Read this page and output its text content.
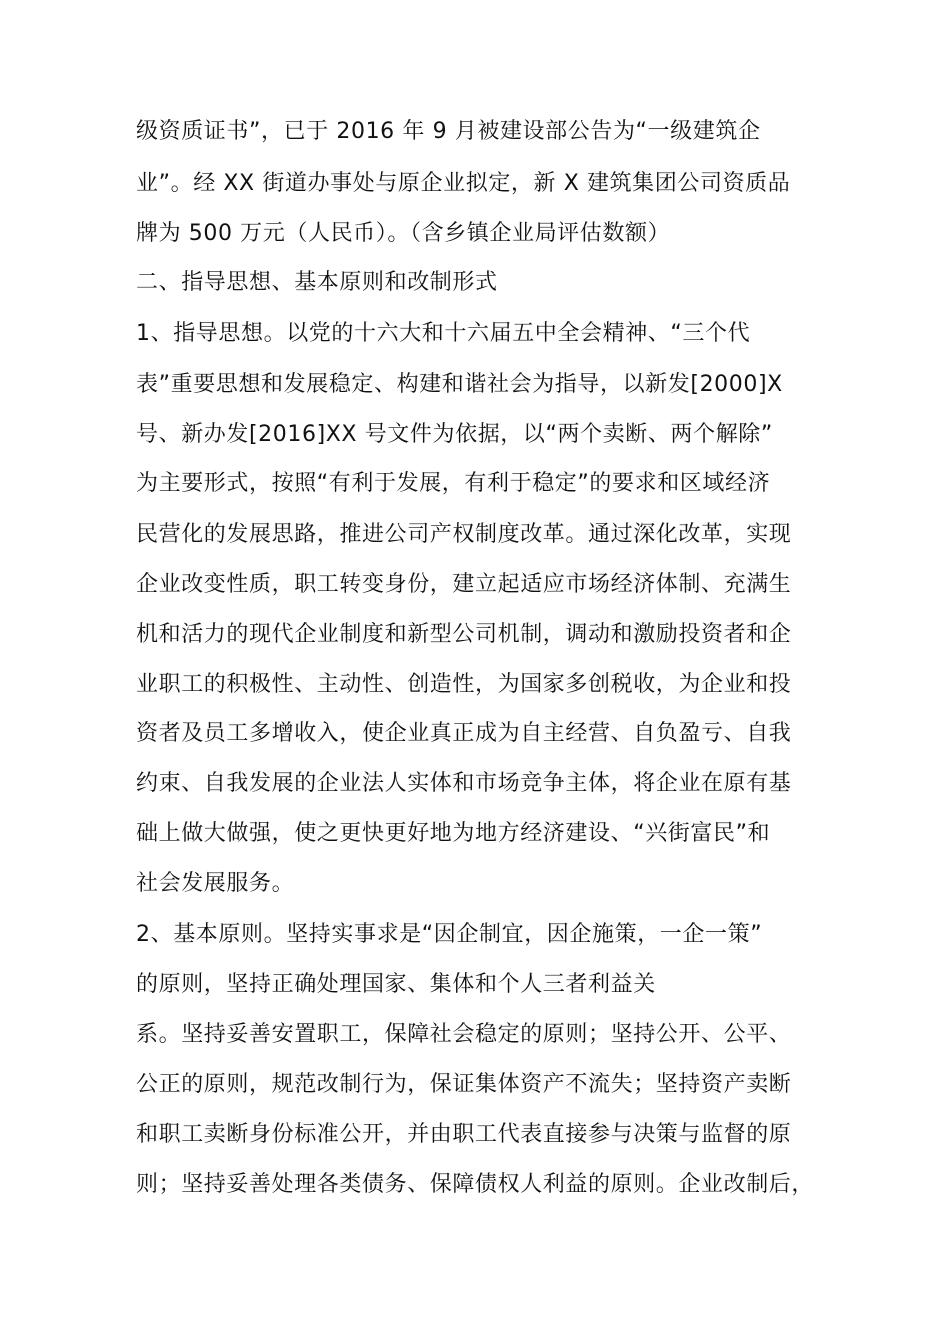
级资质证书”，已于 2016 年 9 月被建设部公告为“一级建筑企
业”。经 XX 街道办事处与原企业拟定，新 X 建筑集团公司资质品
牌为 500 万元（人民币）。（含乡镇企业局评估数额）
二、指导思想、基本原则和改制形式
1、指导思想。以党的十六大和十六届五中全会精神、“三个代
表”重要思想和发展稳定、构建和谐社会为指导，以新发[2000]X
号、新办发[2016]XX 号文件为依据，以“两个卖断、两个解除”
为主要形式，按照“有利于发展，有利于稳定”的要求和区域经济
民营化的发展思路，推进公司产权制度改革。通过深化改革，实现
企业改变性质，职工转变身份，建立起适应市场经济体制、充满生
机和活力的现代企业制度和新型公司机制，调动和激励投资者和企
业职工的积极性、主动性、创造性，为国家多创税收，为企业和投
资者及员工多增收入，使企业真正成为自主经营、自负盈亏、自我
约束、自我发展的企业法人实体和市场竞争主体，将企业在原有基
础上做大做强，使之更快更好地为地方经济建设、“兴街富民”和
社会发展服务。
2、基本原则。坚持实事求是“因企制宜，因企施策，一企一策”
的原则，坚持正确处理国家、集体和个人三者利益关
系。坚持妥善安置职工，保障社会稳定的原则；坚持公开、公平、
公正的原则，规范改制行为，保证集体资产不流失；坚持资产卖断
和职工卖断身份标准公开，并由职工代表直接参与决策与监督的原
则；坚持妥善处理各类债务、保障债权人利益的原则。企业改制后，
